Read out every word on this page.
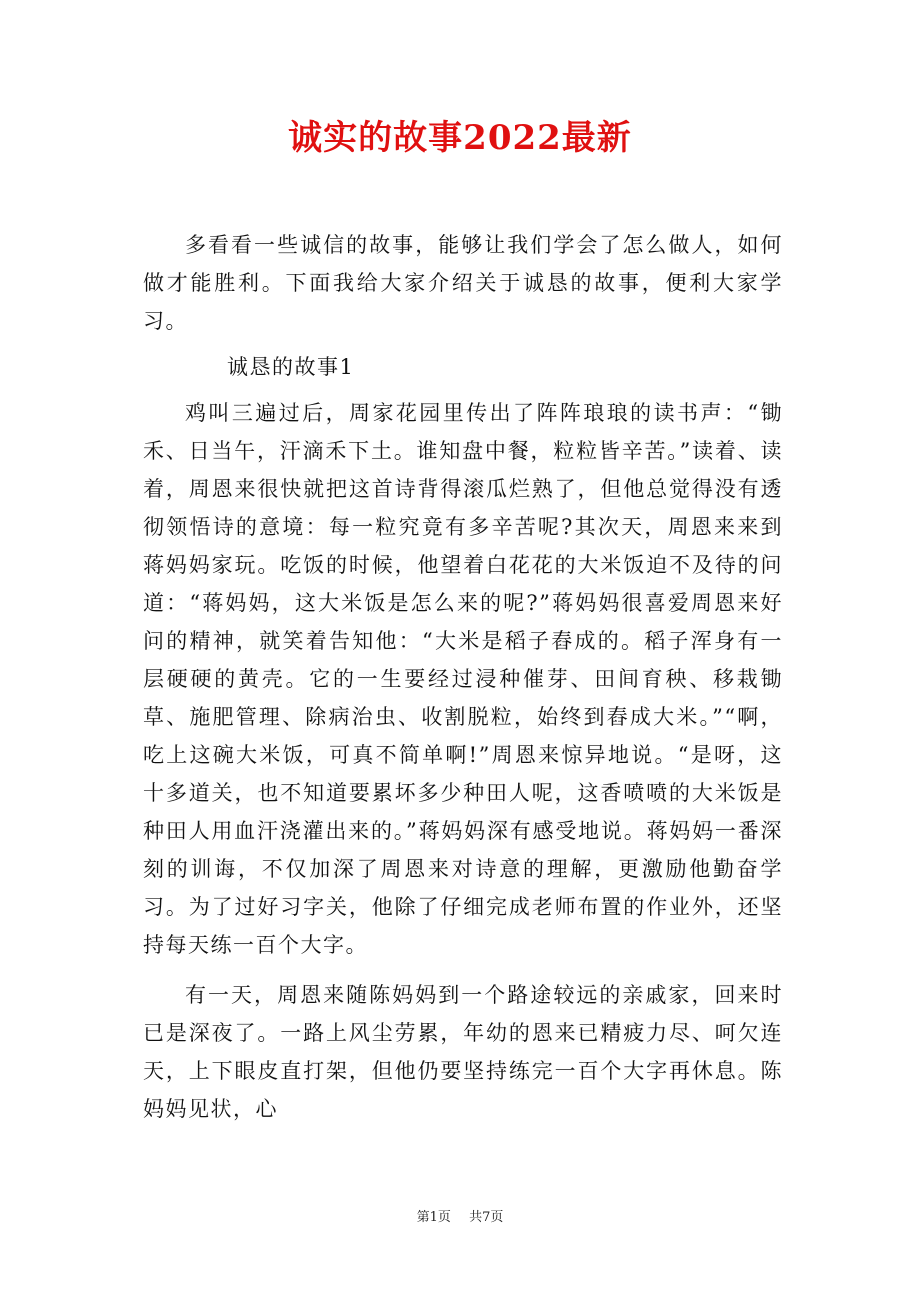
诚实的故事2022最新

多看看一些诚信的故事，能够让我们学会了怎么做人，如何做才能胜利。下面我给大家介绍关于诚恳的故事，便利大家学习。

诚恳的故事1

鸡叫三遍过后，周家花园里传出了阵阵琅琅的读书声：“锄禾、日当午，汗滴禾下土。谁知盘中餐，粒粒皆辛苦。”读着、读着，周恩来很快就把这首诗背得滚瓜烂熟了，但他总觉得没有透彻领悟诗的意境：每一粒究竟有多辛苦呢?其次天，周恩来来到蒋妈妈家玩。吃饭的时候，他望着白花花的大米饭迫不及待的问道：“蒋妈妈，这大米饭是怎么来的呢?”蒋妈妈很喜爱周恩来好问的精神，就笑着告知他：“大米是稻子舂成的。稻子浑身有一层硬硬的黄壳。它的一生要经过浸种催芽、田间育秧、移栽锄草、施肥管理、除病治虫、收割脱粒，始终到舂成大米。”“啊，吃上这碗大米饭，可真不简单啊!”周恩来惊异地说。“是呀，这十多道关，也不知道要累坏多少种田人呢，这香喷喷的大米饭是种田人用血汗浇灌出来的。”蒋妈妈深有感受地说。蒋妈妈一番深刻的训诲，不仅加深了周恩来对诗意的理解，更激励他勤奋学习。为了过好习字关，他除了仔细完成老师布置的作业外，还坚持每天练一百个大字。

有一天，周恩来随陈妈妈到一个路途较远的亲戚家，回来时已是深夜了。一路上风尘劳累，年幼的恩来已精疲力尽、呵欠连天，上下眼皮直打架，但他仍要坚持练完一百个大字再休息。陈妈妈见状，心

第1页 共7页
